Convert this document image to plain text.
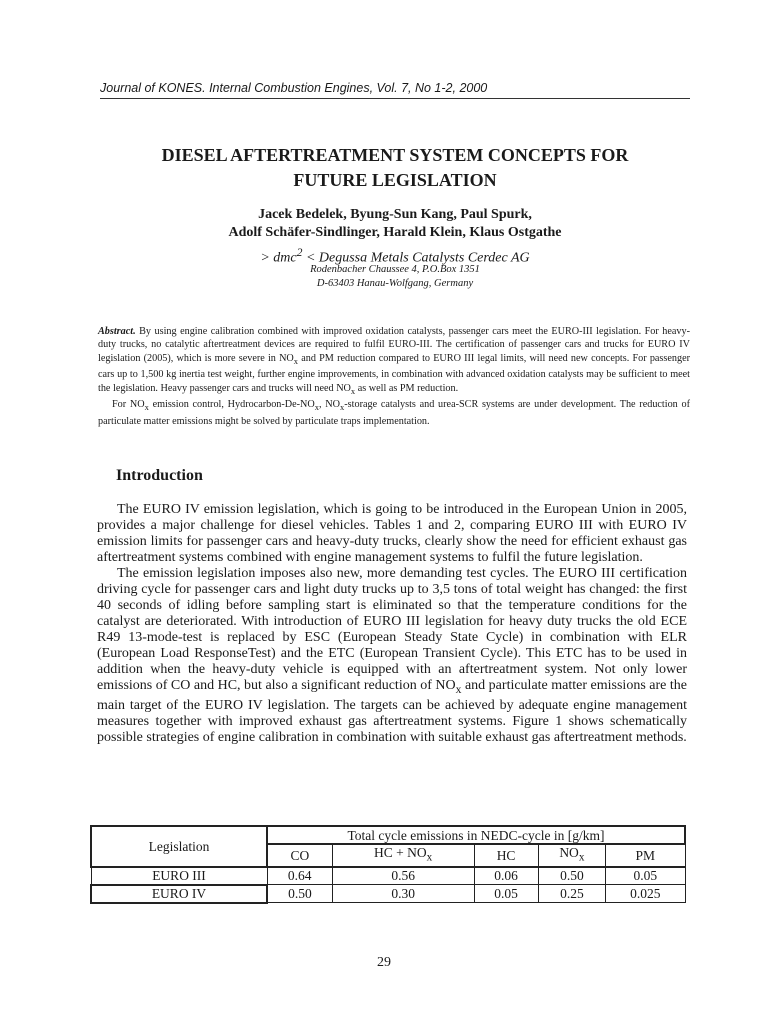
Journal of KONES. Internal Combustion Engines, Vol. 7, No 1-2, 2000
DIESEL AFTERTREATMENT SYSTEM CONCEPTS FOR
FUTURE LEGISLATION
Jacek Bedelek, Byung-Sun Kang, Paul Spurk,
Adolf Schäfer-Sindlinger, Harald Klein, Klaus Ostgathe
> dmc$^2$ < Degussa Metals Catalysts Cerdec AG
Rodenbacher Chaussee 4, P.O.Box 1351
D-63403 Hanau-Wolfgang, Germany

Abstract. By using engine calibration combined with improved oxidation catalysts, passenger cars meet the EURO-III legislation. For heavy-duty trucks, no catalytic aftertreatment devices are required to fulfil EURO-III. The certification of passenger cars and trucks for EURO IV legislation (2005), which is more severe in $NO_x$ and PM reduction compared to EURO III legal limits, will need new concepts. For passenger cars up to 1,500 kg inertia test weight, further engine improvements, in combination with advanced oxidation catalysts may be sufficient to meet the legislation. Heavy passenger cars and trucks will need $NO_x$ as well as PM reduction.

For $NO_x$ emission control, Hydrocarbon-$De-NO_x$, $NO_x$-storage catalysts and urea-SCR systems are under development. The reduction of particulate matter emissions might be solved by particulate traps implementation.

Introduction

The EURO IV emission legislation, which is going to be introduced in the European Union in 2005, provides a major challenge for diesel vehicles. Tables 1 and 2, comparing EURO III with EURO IV emission limits for passenger cars and heavy-duty trucks, clearly show the need for efficient exhaust gas aftertreatment systems combined with engine management systems to fulfil the future legislation.

The emission legislation imposes also new, more demanding test cycles. The EURO III certification driving cycle for passenger cars and light duty trucks up to 3,5 tons of total weight has changed: the first 40 seconds of idling before sampling start is eliminated so that the temperature conditions for the catalyst are deteriorated. With introduction of EURO III legislation for heavy duty trucks the old ECE R49 13-mode-test is replaced by ESC (European Steady State Cycle) in combination with ELR (European Load ResponseTest) and the ETC (European Transient Cycle). This ETC has to be used in addition when the heavy-duty vehicle is equipped with an aftertreatment system. Not only lower emissions of CO and HC, but also a significant reduction of $NO_x$ and particulate matter emissions are the main target of the EURO IV legislation. The targets can be achieved by adequate engine management measures together with improved exhaust gas aftertreatment systems. Figure 1 shows schematically possible strategies of engine calibration in combination with suitable exhaust gas aftertreatment methods.

Legislation	Total cycle emissions in NEDC-cycle in [g/km]				
	CO	HC + $NO_x$	HC	$NO_x$	PM
EURO III	0.64	0.56	0.06	0.50	0.05
EURO IV	0.50	0.30	0.05	0.25	0.025
29
